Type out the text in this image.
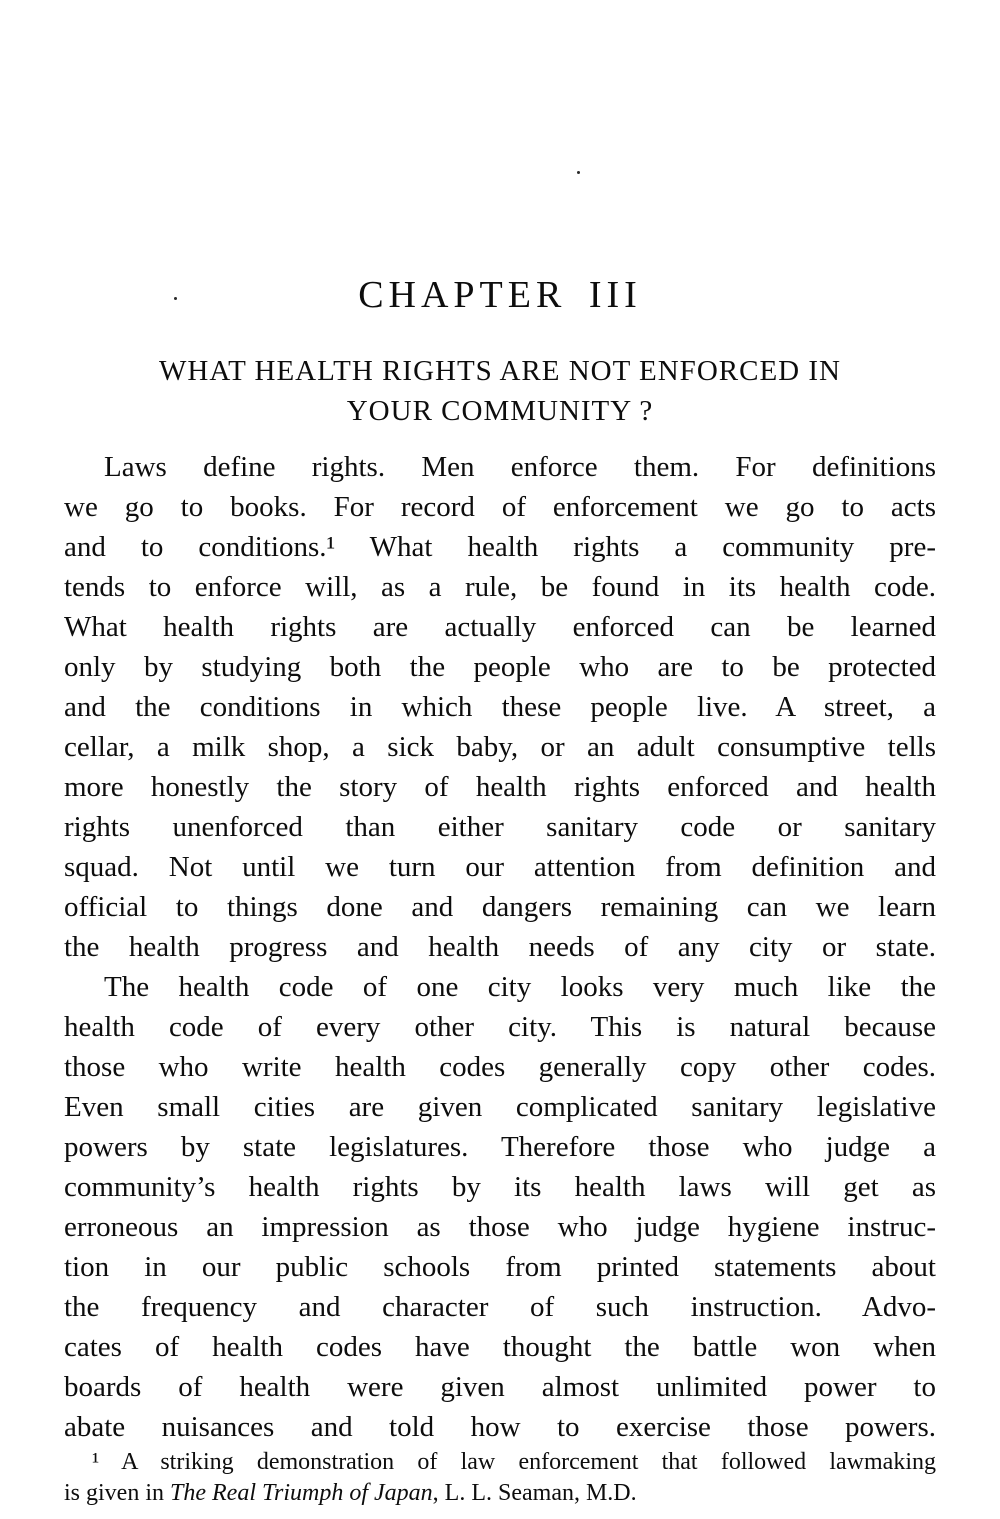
CHAPTER III
WHAT HEALTH RIGHTS ARE NOT ENFORCED IN
YOUR COMMUNITY ?
Laws define rights. Men enforce them. For definitions
we go to books. For record of enforcement we go to acts
and to conditions.¹ What health rights a community pre-
tends to enforce will, as a rule, be found in its health code.
What health rights are actually enforced can be learned
only by studying both the people who are to be protected
and the conditions in which these people live. A street, a
cellar, a milk shop, a sick baby, or an adult consumptive tells
more honestly the story of health rights enforced and health
rights unenforced than either sanitary code or sanitary
squad. Not until we turn our attention from definition and
official to things done and dangers remaining can we learn
the health progress and health needs of any city or state.
The health code of one city looks very much like the
health code of every other city. This is natural because
those who write health codes generally copy other codes.
Even small cities are given complicated sanitary legislative
powers by state legislatures. Therefore those who judge a
community’s health rights by its health laws will get as
erroneous an impression as those who judge hygiene instruc-
tion in our public schools from printed statements about
the frequency and character of such instruction. Advo-
cates of health codes have thought the battle won when
boards of health were given almost unlimited power to
abate nuisances and told how to exercise those powers.
¹ A striking demonstration of law enforcement that followed lawmaking
is given in The Real Triumph of Japan, L. L. Seaman, M.D.
